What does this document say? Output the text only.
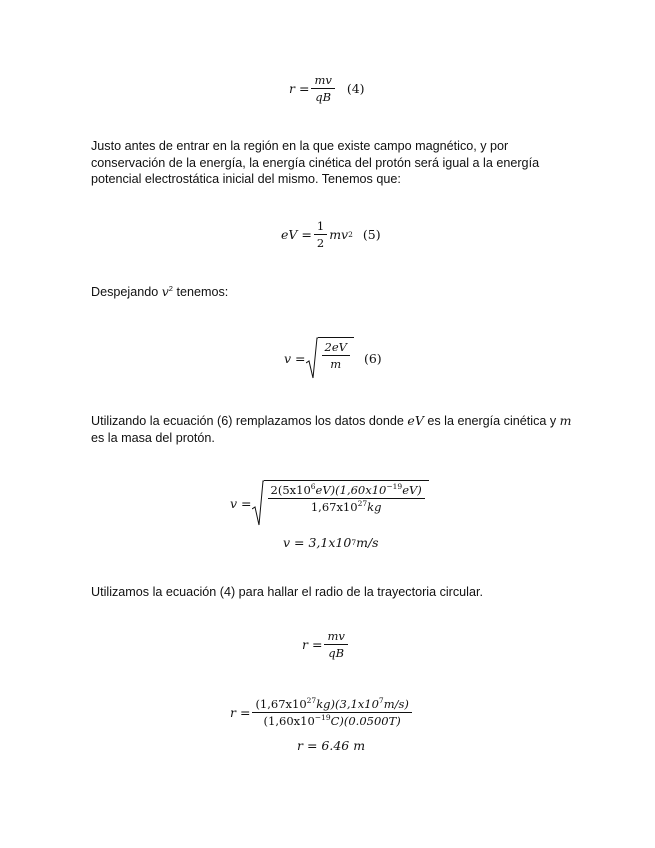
$r = \frac{mv}{qB} (4)$

Justo antes de entrar en la región en la que existe campo magnético, y por conservación de la energía, la energía cinética del protón será igual a la energía potencial electrostática inicial del mismo. Tenemos que:

eV = $\frac{1}{2}$ mv 2 (5)

Despejando $v^2$ tenemos:

$v = \frac{2eV}{m} (6)$

Utilizando la ecuación (6) remplazamos los datos donde eV es la energía cinética y m es la masa del protón.

$v = \frac{2(5x10^6eV)(1,60x10^{-19}eV)}{1,67x10^{27}kg}$
v = 3,1x10 7 m/s

Utilizamos la ecuación (4) para hallar el radio de la trayectoria circular.

$r = \frac{mv}{qB}$
$r = \frac{(1,67x10^{27}kg)(3,1x10^7m/s)}{(1,60x10^{-19}C)(0.0500T)}$
r = 6.46 m
